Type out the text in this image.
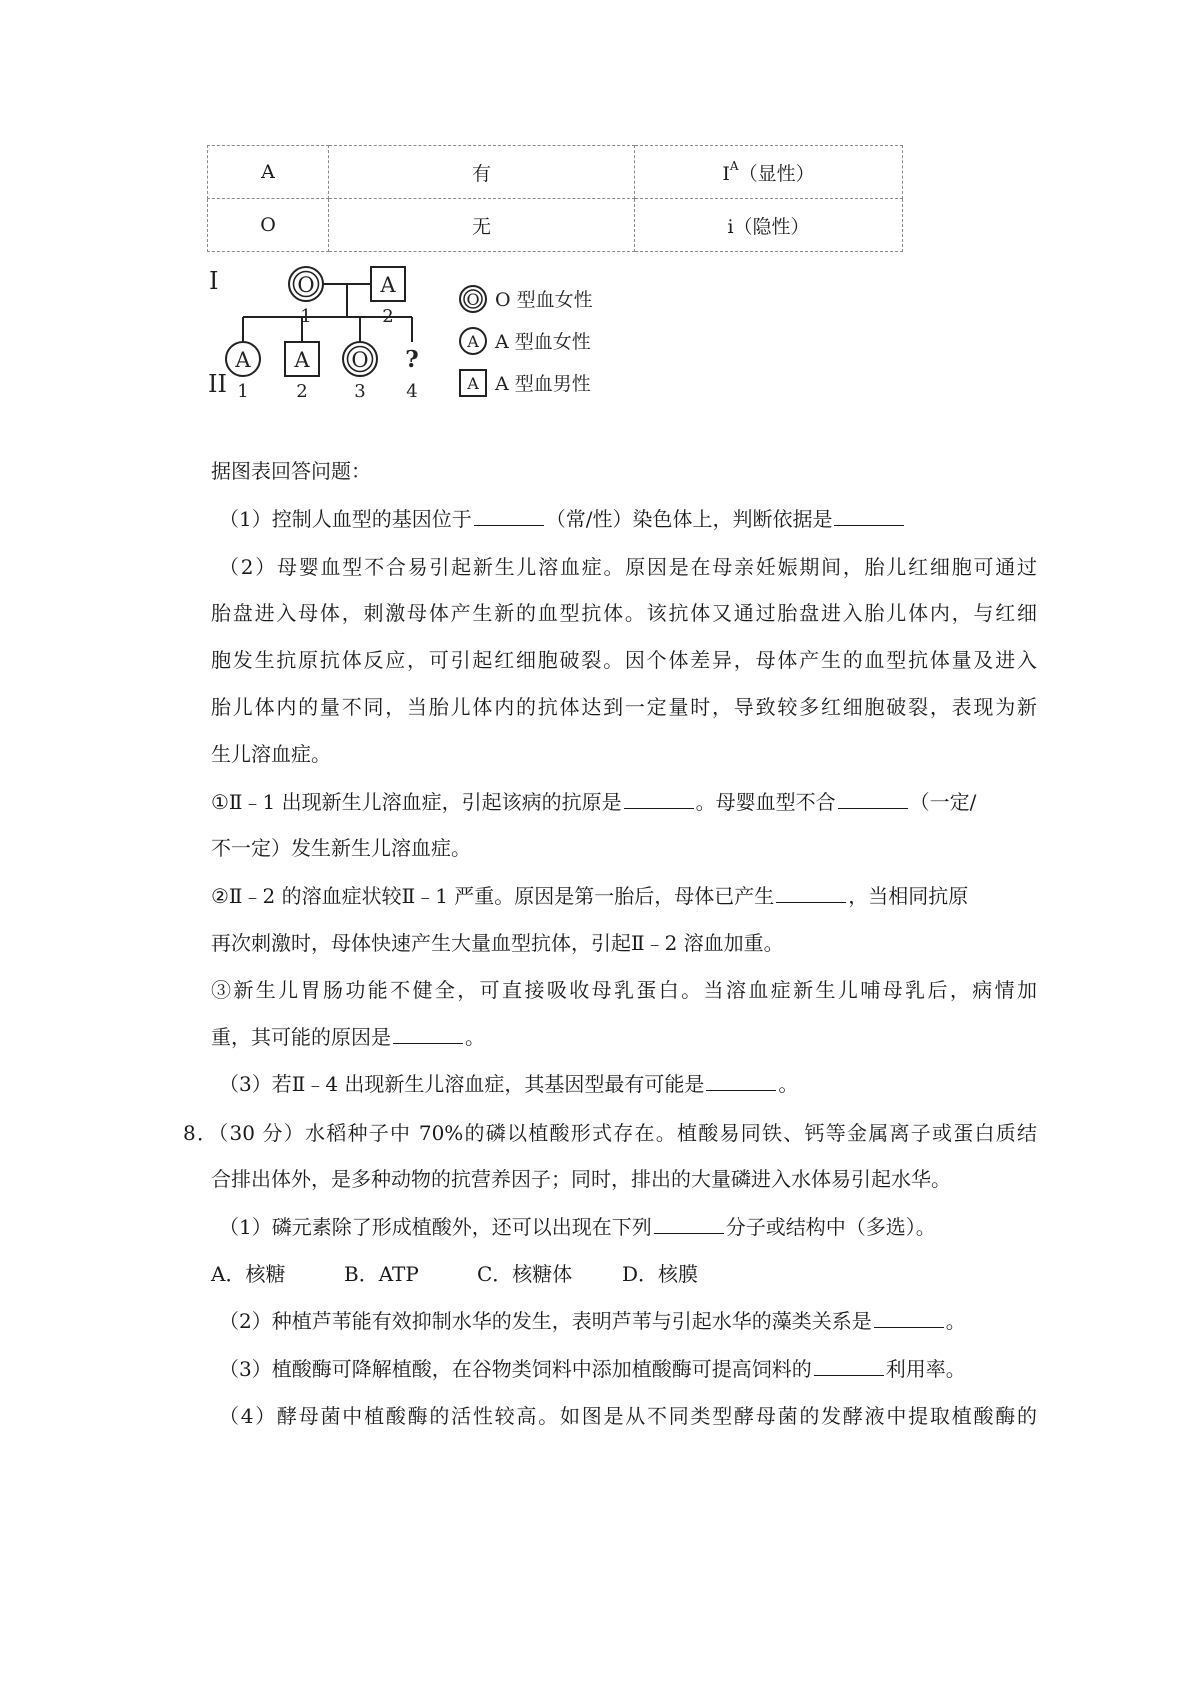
A	有	$I^A$（显性）
O	无	i（隐性）
I
II
O
1
A
2
A
1
A
2
O
3
?
4
O O 型血女性
A A 型血女性
A A 型血男性
据图表回答问题：
（1）控制人血型的基因位于	（常/性）染色体上，判断依据是
（2）母婴血型不合易引起新生儿溶血症。原因是在母亲妊娠期间，胎儿红细胞可通过
胎盘进入母体，刺激母体产生新的血型抗体。该抗体又通过胎盘进入胎儿体内，与红细
胞发生抗原抗体反应，可引起红细胞破裂。因个体差异，母体产生的血型抗体量及进入
胎儿体内的量不同，当胎儿体内的抗体达到一定量时，导致较多红细胞破裂，表现为新
生儿溶血症。
①Ⅱ﹣1 出现新生儿溶血症，引起该病的抗原是	。母婴血型不合	（一定/
不一定）发生新生儿溶血症。
②Ⅱ﹣2 的溶血症状较Ⅱ﹣1 严重。原因是第一胎后，母体已产生	，当相同抗原
再次刺激时，母体快速产生大量血型抗体，引起Ⅱ﹣2 溶血加重。
③新生儿胃肠功能不健全，可直接吸收母乳蛋白。当溶血症新生儿哺母乳后，病情加
重，其可能的原因是	。
（3）若Ⅱ﹣4 出现新生儿溶血症，其基因型最有可能是	。
8．（30 分）水稻种子中 70%的磷以植酸形式存在。植酸易同铁、钙等金属离子或蛋白质结
合排出体外，是多种动物的抗营养因子；同时，排出的大量磷进入水体易引起水华。
（1）磷元素除了形成植酸外，还可以出现在下列	分子或结构中（多选）。
A．核糖	B．ATP	C．核糖体 D．核膜
（2）种植芦苇能有效抑制水华的发生，表明芦苇与引起水华的藻类关系是	。
（3）植酸酶可降解植酸，在谷物类饲料中添加植酸酶可提高饲料的	利用率。
（4）酵母菌中植酸酶的活性较高。如图是从不同类型酵母菌的发酵液中提取植酸酶的
